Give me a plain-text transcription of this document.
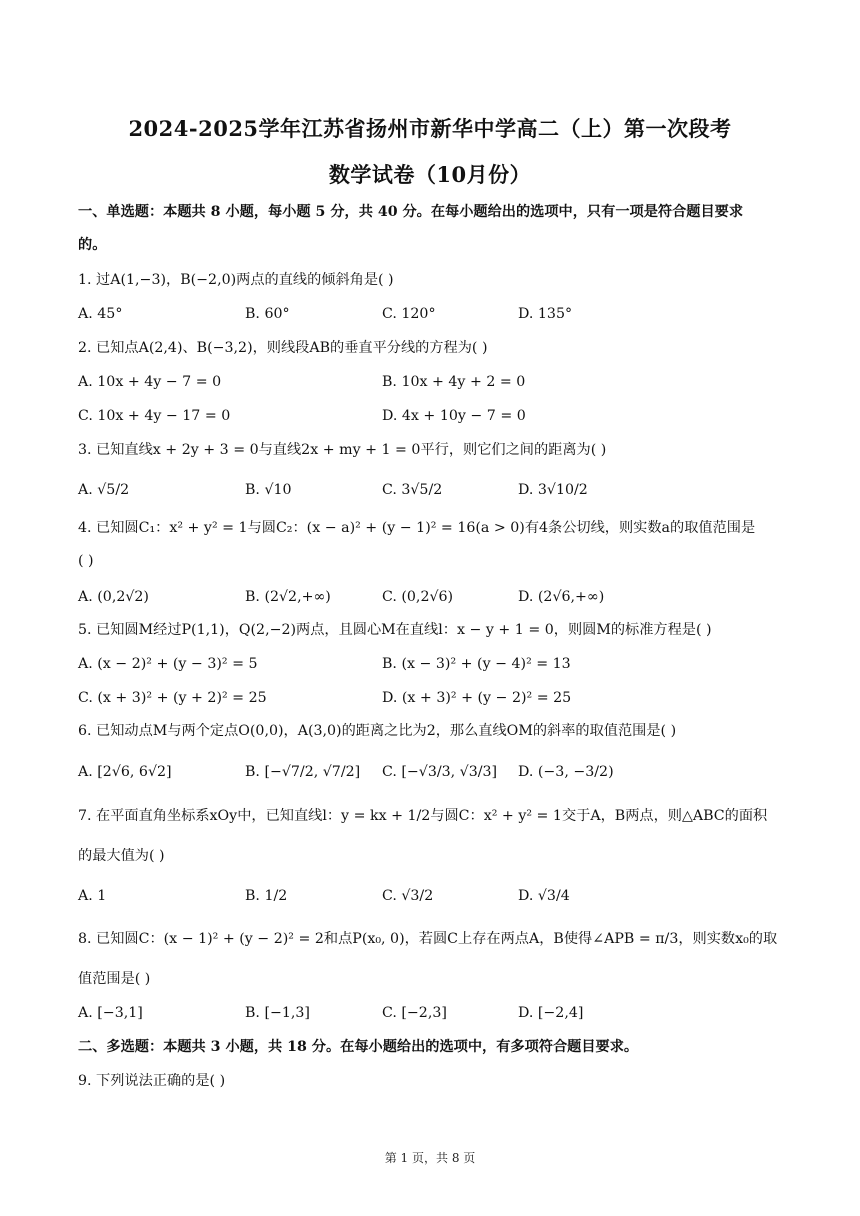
2024-2025学年江苏省扬州市新华中学高二（上）第一次段考
数学试卷（10月份）
一、单选题：本题共 8 小题，每小题 5 分，共 40 分。在每小题给出的选项中，只有一项是符合题目要求
的。
1. 过A(1,−3)，B(−2,0)两点的直线的倾斜角是( )
A. 45°	B. 60°	C. 120°	D. 135°
2. 已知点A(2,4)、B(−3,2)，则线段AB的垂直平分线的方程为( )
A. 10x + 4y − 7 = 0	B. 10x + 4y + 2 = 0
C. 10x + 4y − 17 = 0	D. 4x + 10y − 7 = 0
3. 已知直线x + 2y + 3 = 0与直线2x + my + 1 = 0平行，则它们之间的距离为( )
A. √5/2	B. √10	C. 3√5/2	D. 3√10/2
4. 已知圆C₁：x² + y² = 1与圆C₂：(x − a)² + (y − 1)² = 16(a > 0)有4条公切线，则实数a的取值范围是
( )
A. (0,2√2)	B. (2√2,+∞)	C. (0,2√6)	D. (2√6,+∞)
5. 已知圆M经过P(1,1)，Q(2,−2)两点，且圆心M在直线l：x − y + 1 = 0，则圆M的标准方程是( )
A. (x − 2)² + (y − 3)² = 5	B. (x − 3)² + (y − 4)² = 13
C. (x + 3)² + (y + 2)² = 25	D. (x + 3)² + (y − 2)² = 25
6. 已知动点M与两个定点O(0,0)，A(3,0)的距离之比为2，那么直线OM的斜率的取值范围是( )
A. [2√6, 6√2]	B. [−√7/2, √7/2] C. [−√3/3, √3/3] D. (−3, −3/2)
7. 在平面直角坐标系xOy中，已知直线l：y = kx + 1/2与圆C：x² + y² = 1交于A，B两点，则△ABC的面积
的最大值为( )
A. 1	B. 1/2	C. √3/2	D. √3/4
8. 已知圆C：(x − 1)² + (y − 2)² = 2和点P(x₀, 0)，若圆C上存在两点A，B使得∠APB = π/3，则实数x₀的取
值范围是( )
A. [−3,1]	B. [−1,3]	C. [−2,3]	D. [−2,4]
二、多选题：本题共 3 小题，共 18 分。在每小题给出的选项中，有多项符合题目要求。
9. 下列说法正确的是( )
第 1 页，共 8 页
